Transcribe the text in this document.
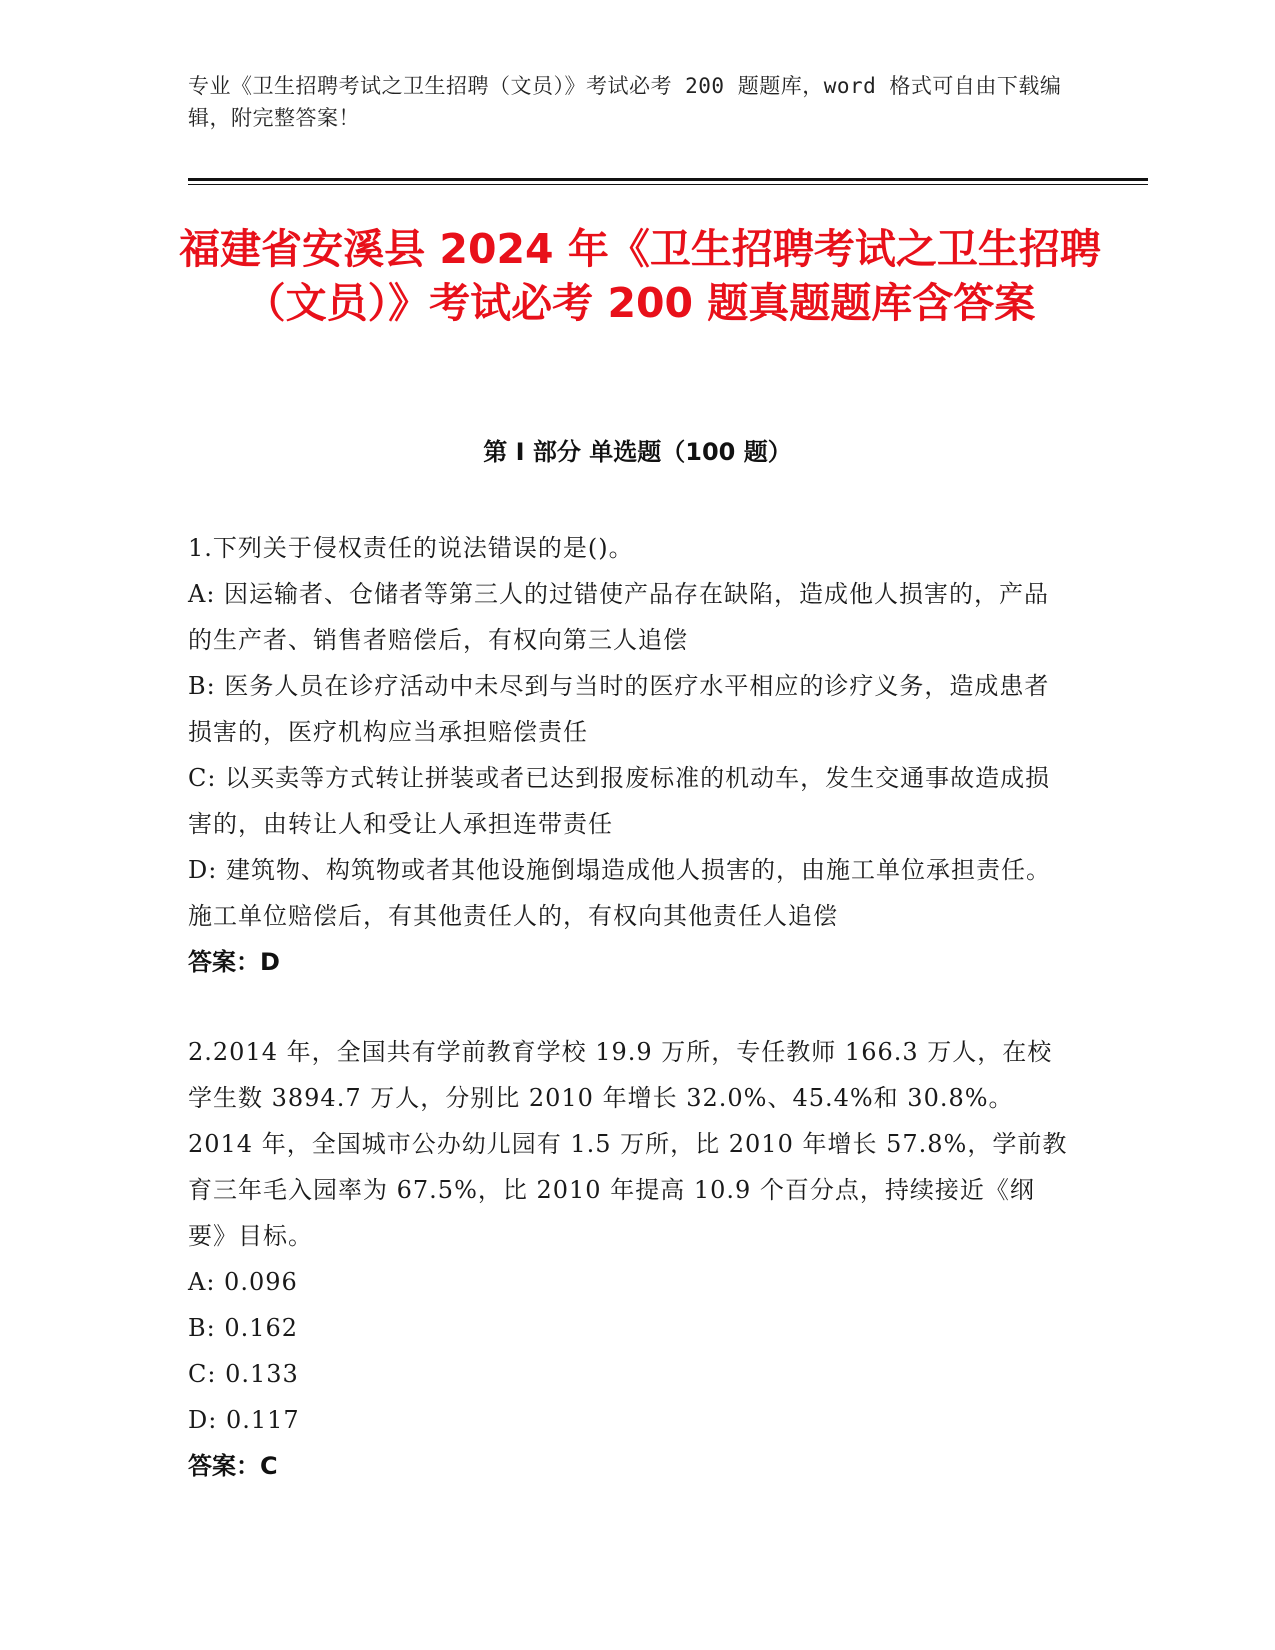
专业《卫生招聘考试之卫生招聘（文员）》考试必考 200 题题库，word 格式可自由下载编辑，附完整答案！
福建省安溪县 2024 年《卫生招聘考试之卫生招聘（文员）》考试必考 200 题真题题库含答案
第 I 部分 单选题（100 题）

1.下列关于侵权责任的说法错误的是()。

A: 因运输者、仓储者等第三人的过错使产品存在缺陷，造成他人损害的，产品的生产者、销售者赔偿后，有权向第三人追偿

B: 医务人员在诊疗活动中未尽到与当时的医疗水平相应的诊疗义务，造成患者损害的，医疗机构应当承担赔偿责任

C: 以买卖等方式转让拼装或者已达到报废标准的机动车，发生交通事故造成损害的，由转让人和受让人承担连带责任

D: 建筑物、构筑物或者其他设施倒塌造成他人损害的，由施工单位承担责任。施工单位赔偿后，有其他责任人的，有权向其他责任人追偿

答案：D

2.2014 年，全国共有学前教育学校 19.9 万所，专任教师 166.3 万人，在校学生数 3894.7 万人，分别比 2010 年增长 32.0%、45.4%和 30.8%。2014 年，全国城市公办幼儿园有 1.5 万所，比 2010 年增长 57.8%，学前教育三年毛入园率为 67.5%，比 2010 年提高 10.9 个百分点，持续接近《纲要》目标。

A: 0.096

B: 0.162

C: 0.133

D: 0.117

答案：C
